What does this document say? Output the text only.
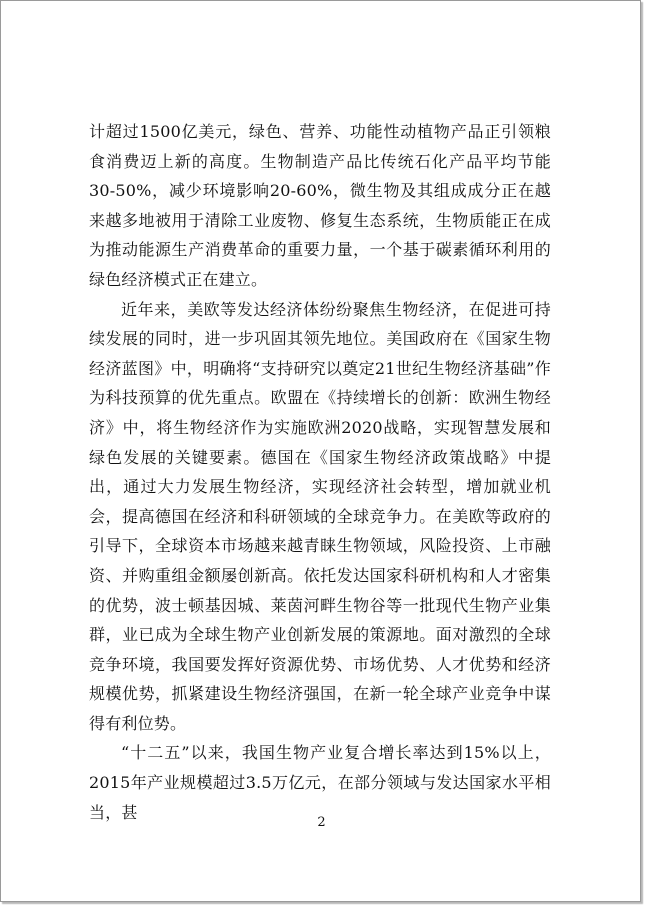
计超过1500亿美元，绿色、营养、功能性动植物产品正引领粮食消费迈上新的高度。生物制造产品比传统石化产品平均节能30-50%，减少环境影响20-60%，微生物及其组成成分正在越来越多地被用于清除工业废物、修复生态系统，生物质能正在成为推动能源生产消费革命的重要力量，一个基于碳素循环利用的绿色经济模式正在建立。

近年来，美欧等发达经济体纷纷聚焦生物经济，在促进可持续发展的同时，进一步巩固其领先地位。美国政府在《国家生物经济蓝图》中，明确将“支持研究以奠定21世纪生物经济基础”作为科技预算的优先重点。欧盟在《持续增长的创新：欧洲生物经济》中，将生物经济作为实施欧洲2020战略，实现智慧发展和绿色发展的关键要素。德国在《国家生物经济政策战略》中提出，通过大力发展生物经济，实现经济社会转型，增加就业机会，提高德国在经济和科研领域的全球竞争力。在美欧等政府的引导下，全球资本市场越来越青睐生物领域，风险投资、上市融资、并购重组金额屡创新高。依托发达国家科研机构和人才密集的优势，波士顿基因城、莱茵河畔生物谷等一批现代生物产业集群，业已成为全球生物产业创新发展的策源地。面对激烈的全球竞争环境，我国要发挥好资源优势、市场优势、人才优势和经济规模优势，抓紧建设生物经济强国，在新一轮全球产业竞争中谋得有利位势。

“十二五”以来，我国生物产业复合增长率达到15%以上，2015年产业规模超过3.5万亿元，在部分领域与发达国家水平相当，甚

2
